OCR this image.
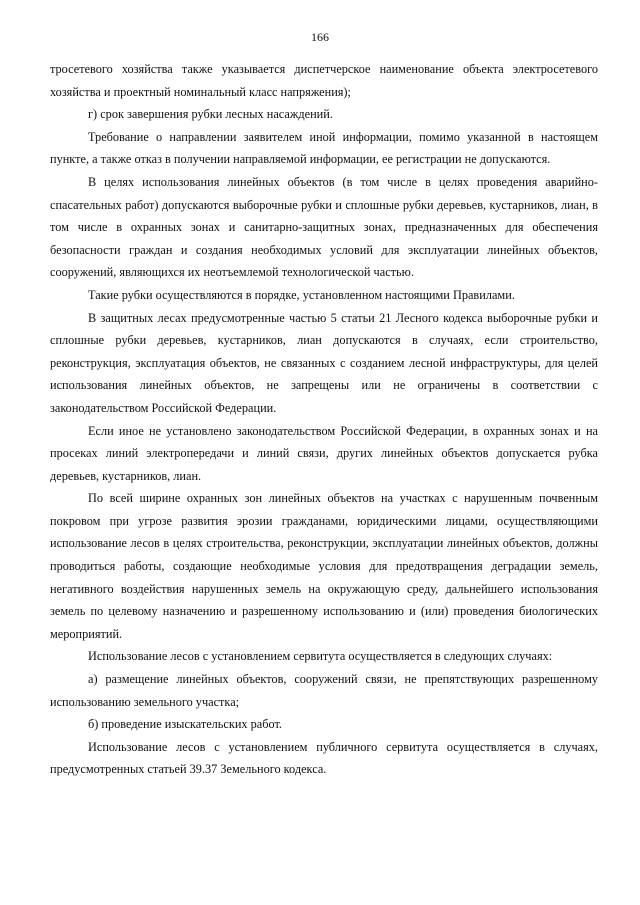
166

тросетевого хозяйства также указывается диспетчерское наименование объекта электросетевого хозяйства и проектный номинальный класс напряжения);

г) срок завершения рубки лесных насаждений.

Требование о направлении заявителем иной информации, помимо указанной в настоящем пункте, а также отказ в получении направляемой информации, ее регистрации не допускаются.

В целях использования линейных объектов (в том числе в целях проведения аварийно-спасательных работ) допускаются выборочные рубки и сплошные рубки деревьев, кустарников, лиан, в том числе в охранных зонах и санитарно-защитных зонах, предназначенных для обеспечения безопасности граждан и создания необходимых условий для эксплуатации линейных объектов, сооружений, являющихся их неотъемлемой технологической частью.

Такие рубки осуществляются в порядке, установленном настоящими Правилами.

В защитных лесах предусмотренные частью 5 статьи 21 Лесного кодекса выборочные рубки и сплошные рубки деревьев, кустарников, лиан допускаются в случаях, если строительство, реконструкция, эксплуатация объектов, не связанных с созданием лесной инфраструктуры, для целей использования линейных объектов, не запрещены или не ограничены в соответствии с законодательством Российской Федерации.

Если иное не установлено законодательством Российской Федерации, в охранных зонах и на просеках линий электропередачи и линий связи, других линейных объектов допускается рубка деревьев, кустарников, лиан.

По всей ширине охранных зон линейных объектов на участках с нарушенным почвенным покровом при угрозе развития эрозии гражданами, юридическими лицами, осуществляющими использование лесов в целях строительства, реконструкции, эксплуатации линейных объектов, должны проводиться работы, создающие необходимые условия для предотвращения деградации земель, негативного воздействия нарушенных земель на окружающую среду, дальнейшего использования земель по целевому назначению и разрешенному использованию и (или) проведения биологических мероприятий.

Использование лесов с установлением сервитута осуществляется в следующих случаях:

а) размещение линейных объектов, сооружений связи, не препятствующих разрешенному использованию земельного участка;

б) проведение изыскательских работ.

Использование лесов с установлением публичного сервитута осуществляется в случаях, предусмотренных статьей 39.37 Земельного кодекса.
